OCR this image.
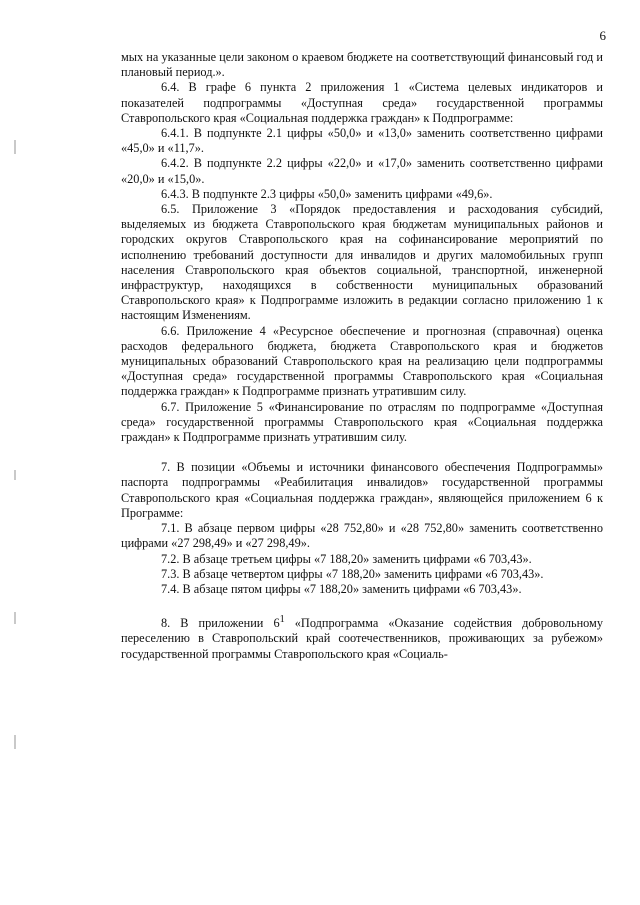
6

мых на указанные цели законом о краевом бюджете на соответствующий финансовый год и плановый период.».

6.4. В графе 6 пункта 2 приложения 1 «Система целевых индикаторов и показателей подпрограммы «Доступная среда» государственной программы Ставропольского края «Социальная поддержка граждан» к Подпрограмме:

6.4.1. В подпункте 2.1 цифры «50,0» и «13,0» заменить соответственно цифрами «45,0» и «11,7».

6.4.2. В подпункте 2.2 цифры «22,0» и «17,0» заменить соответственно цифрами «20,0» и «15,0».

6.4.3. В подпункте 2.3 цифры «50,0» заменить цифрами «49,6».

6.5. Приложение 3 «Порядок предоставления и расходования субсидий, выделяемых из бюджета Ставропольского края бюджетам муниципальных районов и городских округов Ставропольского края на софинансирование мероприятий по исполнению требований доступности для инвалидов и других маломобильных групп населения Ставропольского края объектов социальной, транспортной, инженерной инфраструктур, находящихся в собственности муниципальных образований Ставропольского края» к Подпрограмме изложить в редакции согласно приложению 1 к настоящим Изменениям.

6.6. Приложение 4 «Ресурсное обеспечение и прогнозная (справочная) оценка расходов федерального бюджета, бюджета Ставропольского края и бюджетов муниципальных образований Ставропольского края на реализацию цели подпрограммы «Доступная среда» государственной программы Ставропольского края «Социальная поддержка граждан» к Подпрограмме признать утратившим силу.

6.7. Приложение 5 «Финансирование по отраслям по подпрограмме «Доступная среда» государственной программы Ставропольского края «Социальная поддержка граждан» к Подпрограмме признать утратившим силу.

7. В позиции «Объемы и источники финансового обеспечения Подпрограммы» паспорта подпрограммы «Реабилитация инвалидов» государственной программы Ставропольского края «Социальная поддержка граждан», являющейся приложением 6 к Программе:

7.1. В абзаце первом цифры «28 752,80» и «28 752,80» заменить соответственно цифрами «27 298,49» и «27 298,49».

7.2. В абзаце третьем цифры «7 188,20» заменить цифрами «6 703,43».

7.3. В абзаце четвертом цифры «7 188,20» заменить цифрами «6 703,43».

7.4. В абзаце пятом цифры «7 188,20» заменить цифрами «6 703,43».

8. В приложении $6^1$ «Подпрограмма «Оказание содействия добровольному переселению в Ставропольский край соотечественников, проживающих за рубежом» государственной программы Ставропольского края «Социаль-
